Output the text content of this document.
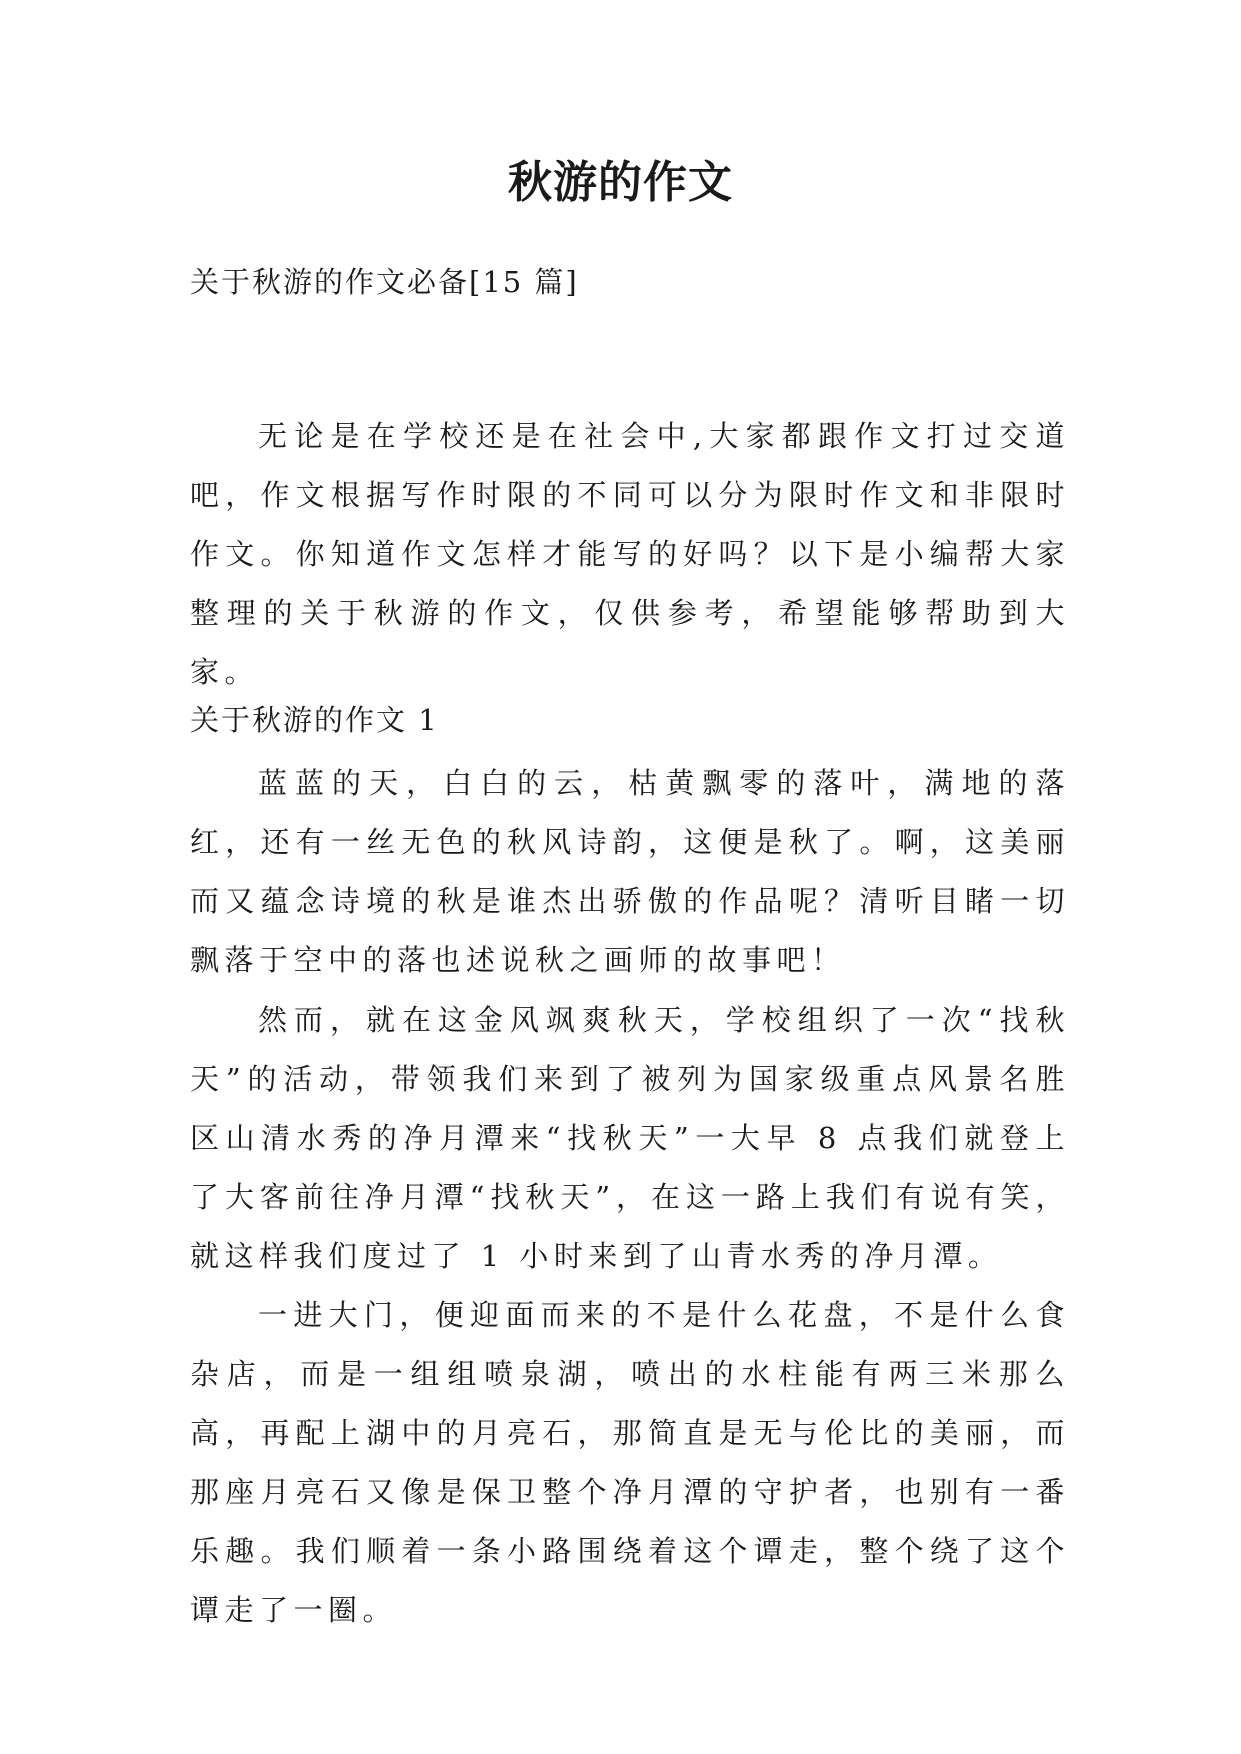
秋游的作文
关于秋游的作文必备[15 篇]

无论是在学校还是在社会中,大家都跟作文打过交道吧，作文根据写作时限的不同可以分为限时作文和非限时作文。你知道作文怎样才能写的好吗？以下是小编帮大家整理的关于秋游的作文，仅供参考，希望能够帮助到大家。

关于秋游的作文 1

蓝蓝的天，白白的云，枯黄飘零的落叶，满地的落红，还有一丝无色的秋风诗韵，这便是秋了。啊，这美丽而又蕴念诗境的秋是谁杰出骄傲的作品呢？清听目睹一切飘落于空中的落也述说秋之画师的故事吧！

然而，就在这金风飒爽秋天，学校组织了一次“找秋天”的活动，带领我们来到了被列为国家级重点风景名胜区山清水秀的净月潭来“找秋天”一大早 8 点我们就登上了大客前往净月潭“找秋天”，在这一路上我们有说有笑，就这样我们度过了 1 小时来到了山青水秀的净月潭。

一进大门，便迎面而来的不是什么花盘，不是什么食杂店，而是一组组喷泉湖，喷出的水柱能有两三米那么高，再配上湖中的月亮石，那简直是无与伦比的美丽，而那座月亮石又像是保卫整个净月潭的守护者，也别有一番乐趣。我们顺着一条小路围绕着这个谭走，整个绕了这个谭走了一圈。
